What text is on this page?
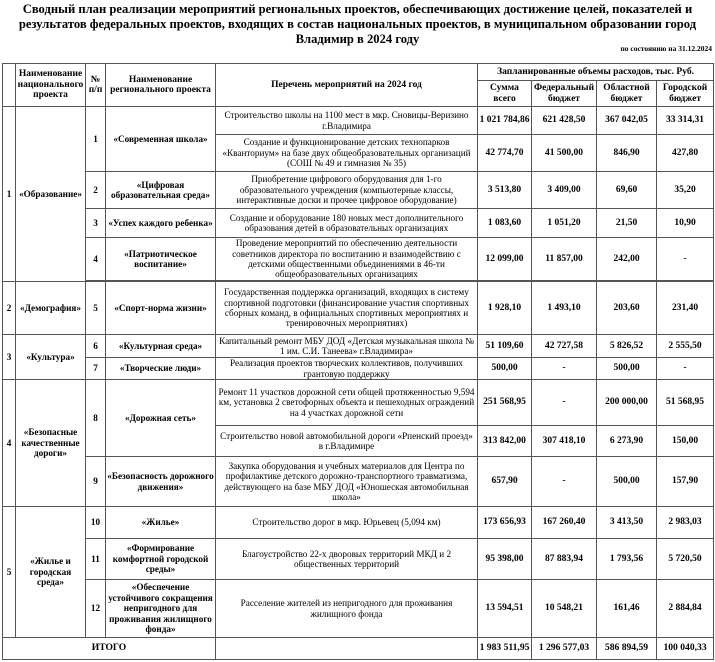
Сводный план реализации мероприятий региональных проектов, обеспечивающих достижение целей, показателей и результатов федеральных проектов, входящих в состав национальных проектов, в муниципальном образовании город Владимир в 2024 году
по состоянию на 31.12.2024
	Наименование национального проекта	№ п/п	Наименование регионального проекта	Перечень мероприятий на 2024 год	Запланированные объемы расходов, тыс. Руб.			
					Сумма всего	Федеральный бюджет	Областной бюджет	Городской бюджет
1	«Образование»	1	«Современная школа»	Строительство школы на 1100 мест в мкр. Сновицы-Веризино г.Владимира	1 021 784,86	621 428,50	367 042,05	33 314,31
				Создание и функционирование детских технопарков «Кванториум» на базе двух общеобразовательных организаций (СОШ № 49 и гимназия № 35)	42 774,70	41 500,00	846,90	427,80
		2	«Цифровая образовательная среда»	Приобретение цифрового оборудования для 1-го образовательного учреждения (компьютерные классы, интерактивные доски и прочее цифровое оборудование)	3 513,80	3 409,00	69,60	35,20
		3	«Успех каждого ребенка»	Создание и оборудование 180 новых мест дополнительного образования детей в образовательных организациях	1 083,60	1 051,20	21,50	10,90
		4	«Патриотическое воспитание»	Проведение мероприятий по обеспечению деятельности советников директора по воспитанию и взаимодействию с детскими общественными объединениями в 46-ти общеобразовательных организациях	12 099,00	11 857,00	242,00	-

2	«Демография»	5	«Спорт-норма жизни»	Государственная поддержка организаций, входящих в систему спортивной подготовки (финансирование участия спортивных сборных команд, в официальных спортивных мероприятиях и тренировочных мероприятиях)	1 928,10	1 493,10	203,60	231,40
3	«Культура»	6	«Культурная среда»	Капитальный ремонт МБУ ДОД «Детская музыкальная школа № 1 им. С.И. Танеева» г.Владимира»	51 109,60	42 727,58	5 826,52	2 555,50
		7	«Творческие люди»	Реализация проектов творческих коллективов, получивших грантовую поддержку	500,00	-	500,00	-
4	«Безопасные качественные дороги»	8	«Дорожная сеть»	Ремонт 11 участков дорожной сети общей протяженностью 9,594 км, установка 2 светофорных объекта и пешеходных ограждений на 4 участках дорожной сети	251 568,95	-	200 000,00	51 568,95
				Строительство новой автомобильной дороги «Рпенский проезд» в г.Владимире	313 842,00	307 418,10	6 273,90	150,00
		9	«Безопасность дорожного движения»	Закупка оборудования и учебных материалов для Центра по профилактике детского дорожно-транспортного травматизма, действующего на базе МБУ ДОД «Юношеская автомобильная школа»	657,90	-	500,00	157,90
5	«Жилье и городская среда»	10	«Жилье»	Строительство дорог в мкр. Юрьевец (5,094 км)	173 656,93	167 260,40	3 413,50	2 983,03
		11	«Формирование комфортной городской среды»	Благоустройство 22-х дворовых территорий МКД и 2 общественных территорий	95 398,00	87 883,94	1 793,56	5 720,50
		12	«Обеспечение устойчивого сокращения непригодного для проживания жилищного фонда»	Расселение жителей из непригодного для проживания жилищного фонда	13 594,51	10 548,21	161,46	2 884,84
ИТОГО					1 983 511,95	1 296 577,03	586 894,59	100 040,33
